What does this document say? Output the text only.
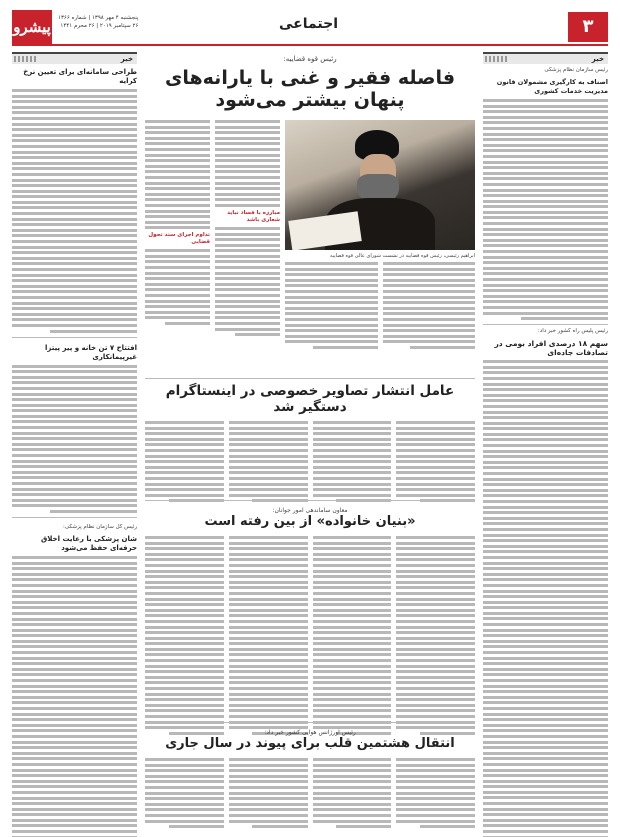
۳
اجتماعی
پیشرو پنجشنبه ۴ مهر ۱۳۹۸ | شماره ۱۳۶۶
۲۶ سپتامبر ۲۰۱۹ | ۲۶ محرم ۱۴۴۱
خبر
رئیس سازمان نظام پزشکی
اصناف به کارگیری مشمولان قانون مدیریت خدمات کشوری
رئیس پلیس راه کشور خبر داد:
سهم ۱۸ درصدی افراد بومی در تصادفات جاده‌ای
خبر
طراحی سامانه‌ای برای تعیین نرخ کرایه
افتتاح ۷ تن خانه و پیر پیتزا غیرپیمانکاری
رئیس کل سازمان نظام پزشکی:
شان پزشکی با رعایت اخلاق حرفه‌ای حفظ می‌شود
رئیس قوه قضاییه:
فاصله فقیر و غنی با یارانه‌های پنهان بیشتر می‌شود
مبارزه با فساد نباید شعاری باشد
تداوم اجرای سند تحول قضایی
ابراهیم رئیسی، رئیس قوه قضاییه در نشست شورای عالی قوه قضاییه
عامل انتشار تصاویر خصوصی در اینستاگرام دستگیر شد
معاون ساماندهی امور جوانان:
«بنیان خانواده» از بین رفته است
رئیس اورژانس هوایی کشور خبر داد:
انتقال هشتمین قلب برای پیوند در سال جاری
